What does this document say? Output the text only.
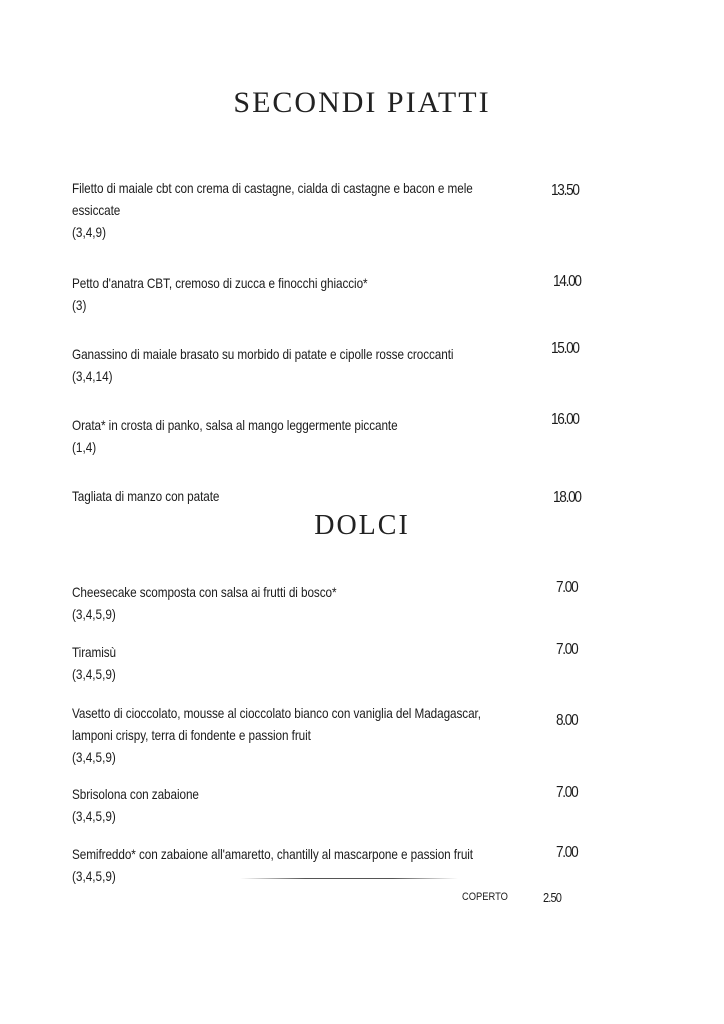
SECONDI PIATTI
Filetto di maiale cbt con crema di castagne, cialda di castagne e bacon e mele essiccate
(3,4,9)
13.50
Petto d'anatra CBT, cremoso di zucca e finocchi ghiaccio*
(3)
14.00
Ganassino di maiale brasato su morbido di patate e cipolle rosse croccanti
(3,4,14)
15.00
Orata* in crosta di panko, salsa al mango leggermente piccante
(1,4)
16.00
Tagliata di manzo con patate	18.00
DOLCI
Cheesecake scomposta con salsa ai frutti di bosco*
(3,4,5,9)
7.00
Tiramisù
(3,4,5,9)
7.00
Vasetto di cioccolato, mousse al cioccolato bianco con vaniglia del Madagascar, lamponi crispy, terra di fondente e passion fruit
(3,4,5,9)
8.00
Sbrisolona con zabaione
(3,4,5,9)
7.00
Semifreddo* con zabaione all'amaretto, chantilly al mascarpone e passion fruit
(3,4,5,9)
7.00
COPERTO	2.50
